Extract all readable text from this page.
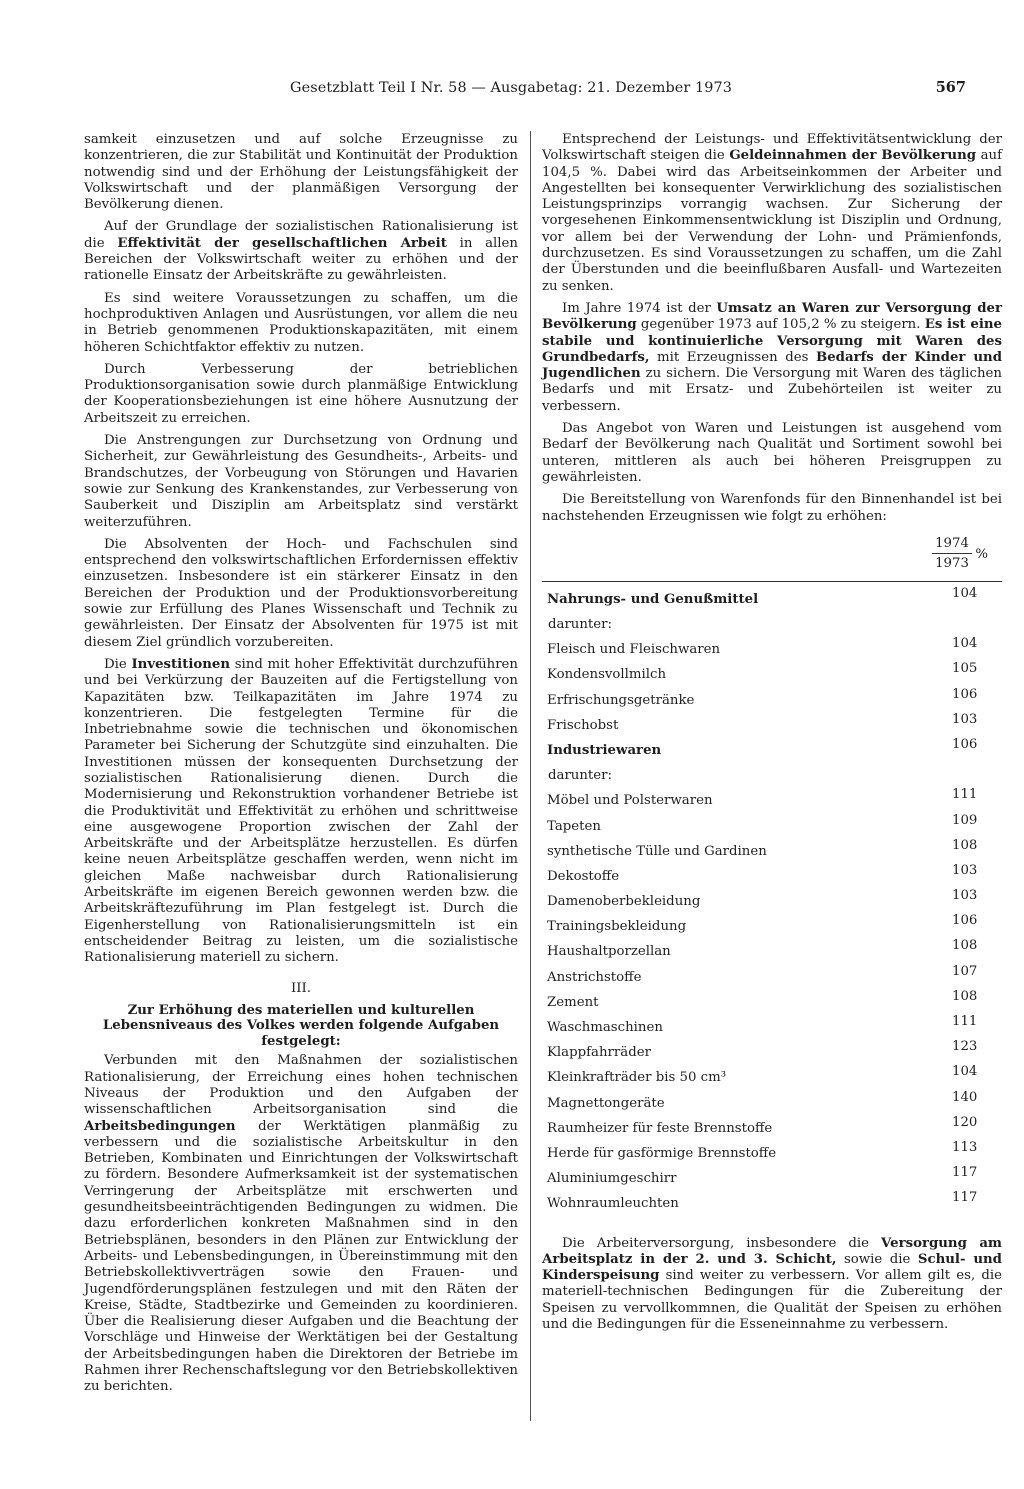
Gesetzblatt Teil I Nr. 58 — Ausgabetag: 21. Dezember 1973	567

samkeit einzusetzen und auf solche Erzeugnisse zu konzentrieren, die zur Stabilität und Kontinuität der Produktion notwendig sind und der Erhöhung der Leistungsfähigkeit der Volkswirtschaft und der planmäßigen Versorgung der Bevölkerung dienen.

Auf der Grundlage der sozialistischen Rationalisierung ist die Effektivität der gesellschaftlichen Arbeit in allen Bereichen der Volkswirtschaft weiter zu erhöhen und der rationelle Einsatz der Arbeitskräfte zu gewährleisten.

Es sind weitere Voraussetzungen zu schaffen, um die hochproduktiven Anlagen und Ausrüstungen, vor allem die neu in Betrieb genommenen Produktionskapazitäten, mit einem höheren Schichtfaktor effektiv zu nutzen.

Durch Verbesserung der betrieblichen Produktionsorganisation sowie durch planmäßige Entwicklung der Kooperationsbeziehungen ist eine höhere Ausnutzung der Arbeitszeit zu erreichen.

Die Anstrengungen zur Durchsetzung von Ordnung und Sicherheit, zur Gewährleistung des Gesundheits-, Arbeits- und Brandschutzes, der Vorbeugung von Störungen und Havarien sowie zur Senkung des Krankenstandes, zur Verbesserung von Sauberkeit und Disziplin am Arbeitsplatz sind verstärkt weiterzuführen.

Die Absolventen der Hoch- und Fachschulen sind entsprechend den volkswirtschaftlichen Erfordernissen effektiv einzusetzen. Insbesondere ist ein stärkerer Einsatz in den Bereichen der Produktion und der Produktionsvorbereitung sowie zur Erfüllung des Planes Wissenschaft und Technik zu gewährleisten. Der Einsatz der Absolventen für 1975 ist mit diesem Ziel gründlich vorzubereiten.

Die Investitionen sind mit hoher Effektivität durchzuführen und bei Verkürzung der Bauzeiten auf die Fertigstellung von Kapazitäten bzw. Teilkapazitäten im Jahre 1974 zu konzentrieren. Die festgelegten Termine für die Inbetriebnahme sowie die technischen und ökonomischen Parameter bei Sicherung der Schutzgüte sind einzuhalten. Die Investitionen müssen der konsequenten Durchsetzung der sozialistischen Rationalisierung dienen. Durch die Modernisierung und Rekonstruktion vorhandener Betriebe ist die Produktivität und Effektivität zu erhöhen und schrittweise eine ausgewogene Proportion zwischen der Zahl der Arbeitskräfte und der Arbeitsplätze herzustellen. Es dürfen keine neuen Arbeitsplätze geschaffen werden, wenn nicht im gleichen Maße nachweisbar durch Rationalisierung Arbeitskräfte im eigenen Bereich gewonnen werden bzw. die Arbeitskräftezuführung im Plan festgelegt ist. Durch die Eigenherstellung von Rationalisierungsmitteln ist ein entscheidender Beitrag zu leisten, um die sozialistische Rationalisierung materiell zu sichern.

III.
Zur Erhöhung des materiellen und kulturellen Lebensniveaus des Volkes werden folgende Aufgaben festgelegt:

Verbunden mit den Maßnahmen der sozialistischen Rationalisierung, der Erreichung eines hohen technischen Niveaus der Produktion und den Aufgaben der wissenschaftlichen Arbeitsorganisation sind die Arbeitsbedingungen der Werktätigen planmäßig zu verbessern und die sozialistische Arbeitskultur in den Betrieben, Kombinaten und Einrichtungen der Volkswirtschaft zu fördern. Besondere Aufmerksamkeit ist der systematischen Verringerung der Arbeitsplätze mit erschwerten und gesundheitsbeeinträchtigenden Bedingungen zu widmen. Die dazu erforderlichen konkreten Maßnahmen sind in den Betriebsplänen, besonders in den Plänen zur Entwicklung der Arbeits- und Lebensbedingungen, in Übereinstimmung mit den Betriebskollektivverträgen sowie den Frauen- und Jugendförderungsplänen festzulegen und mit den Räten der Kreise, Städte, Stadtbezirke und Gemeinden zu koordinieren. Über die Realisierung dieser Aufgaben und die Beachtung der Vorschläge und Hinweise der Werktätigen bei der Gestaltung der Arbeitsbedingungen haben die Direktoren der Betriebe im Rahmen ihrer Rechenschaftslegung vor den Betriebskollektiven zu berichten.

Entsprechend der Leistungs- und Effektivitätsentwicklung der Volkswirtschaft steigen die Geldeinnahmen der Bevölkerung auf 104,5 %. Dabei wird das Arbeitseinkommen der Arbeiter und Angestellten bei konsequenter Verwirklichung des sozialistischen Leistungsprinzips vorrangig wachsen. Zur Sicherung der vorgesehenen Einkommensentwicklung ist Disziplin und Ordnung, vor allem bei der Verwendung der Lohn- und Prämienfonds, durchzusetzen. Es sind Voraussetzungen zu schaffen, um die Zahl der Überstunden und die beeinflußbaren Ausfall- und Wartezeiten zu senken.

Im Jahre 1974 ist der Umsatz an Waren zur Versorgung der Bevölkerung gegenüber 1973 auf 105,2 % zu steigern. Es ist eine stabile und kontinuierliche Versorgung mit Waren des Grundbedarfs, mit Erzeugnissen des Bedarfs der Kinder und Jugendlichen zu sichern. Die Versorgung mit Waren des täglichen Bedarfs und mit Ersatz- und Zubehörteilen ist weiter zu verbessern.

Das Angebot von Waren und Leistungen ist ausgehend vom Bedarf der Bevölkerung nach Qualität und Sortiment sowohl bei unteren, mittleren als auch bei höheren Preisgruppen zu gewährleisten.

Die Bereitstellung von Warenfonds für den Binnenhandel ist bei nachstehenden Erzeugnissen wie folgt zu erhöhen:

$\frac{1974}{1973}$ %
Nahrungs- und Genußmittel	104
darunter:
Fleisch und Fleischwaren	104
Kondensvollmilch	105
Erfrischungsgetränke	106
Frischobst	103
Industriewaren	106
darunter:
Möbel und Polsterwaren	111
Tapeten	109
synthetische Tülle und Gardinen	108
Dekostoffe	103
Damenoberbekleidung	103
Trainingsbekleidung	106
Haushaltporzellan	108
Anstrichstoffe	107
Zement	108
Waschmaschinen	111
Klappfahrräder	123
Kleinkrafträder bis 50 cm³	104
Magnettongeräte	140
Raumheizer für feste Brennstoffe	120
Herde für gasförmige Brennstoffe	113
Aluminiumgeschirr	117
Wohnraumleuchten	117

Die Arbeiterversorgung, insbesondere die Versorgung am Arbeitsplatz in der 2. und 3. Schicht, sowie die Schul- und Kinderspeisung sind weiter zu verbessern. Vor allem gilt es, die materiell-technischen Bedingungen für die Zubereitung der Speisen zu vervollkommnen, die Qualität der Speisen zu erhöhen und die Bedingungen für die Esseneinnahme zu verbessern.
